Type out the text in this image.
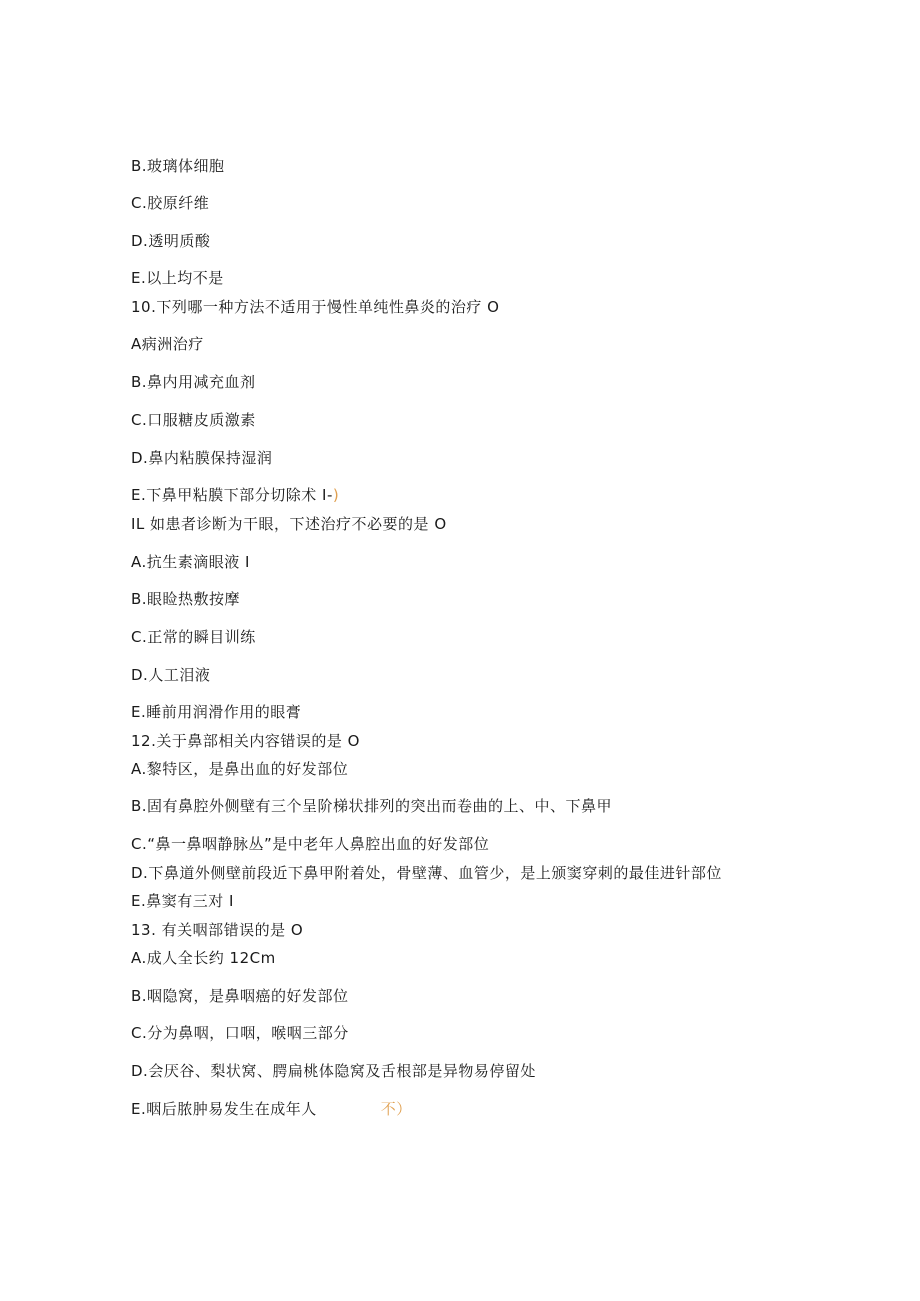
B.玻璃体细胞
C.胶原纤维
D.透明质酸
E.以上均不是
10.下列哪一种方法不适用于慢性单纯性鼻炎的治疗 O
A病洲治疗
B.鼻内用减充血剂
C.口服糖皮质激素
D.鼻内粘膜保持湿润
E.下鼻甲粘膜下部分切除术 I-)
IL 如患者诊断为干眼，下述治疗不必要的是 O
A.抗生素滴眼液 I
B.眼睑热敷按摩
C.正常的瞬目训练
D.人工泪液
E.睡前用润滑作用的眼膏
12.关于鼻部相关内容错误的是 O
A.黎特区，是鼻出血的好发部位
B.固有鼻腔外侧壁有三个呈阶梯状排列的突出而卷曲的上、中、下鼻甲
C.“鼻一鼻咽静脉丛”是中老年人鼻腔出血的好发部位
D.下鼻道外侧壁前段近下鼻甲附着处，骨壁薄、血管少，是上颁窦穿刺的最佳进针部位
E.鼻窦有三对 I
13. 有关咽部错误的是 O
A.成人全长约 12Cm
B.咽隐窝，是鼻咽癌的好发部位
C.分为鼻咽，口咽，喉咽三部分
D.会厌谷、梨状窝、腭扁桃体隐窝及舌根部是异物易停留处
E.咽后脓肿易发生在成年人	不）
